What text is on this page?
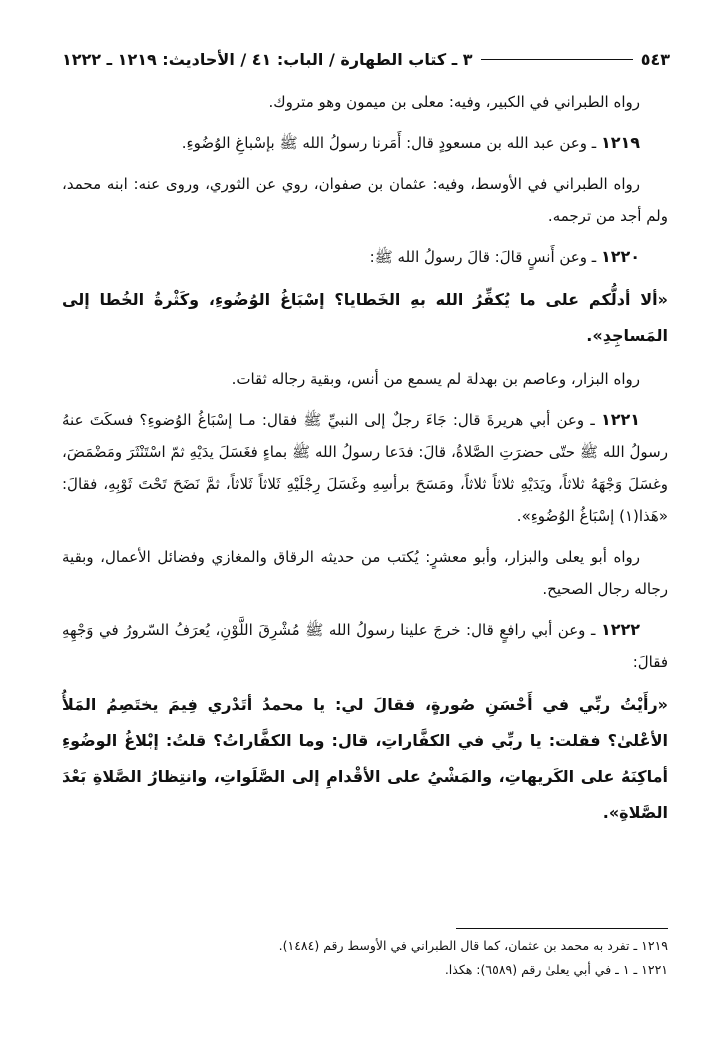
٥٤٣
٣ ـ كتاب الطهارة / الباب: ٤١ / الأحاديث: ١٢١٩ ـ ١٢٢٢

رواه الطبراني في الكبير، وفيه: معلى بن ميمون وهو متروك.

١٢١٩ ـ وعن عبد الله بن مسعودٍ قال: أَمَرنا رسولُ الله ﷺ بإسْباغِ الوُضُوءِ.

رواه الطبراني في الأوسط، وفيه: عثمان بن صفوان، روي عن الثوري، وروى عنه: ابنه محمد، ولم أجد من ترجمه.

١٢٢٠ ـ وعن أَنسٍ قالَ: قالَ رسولُ الله ﷺ:

«ألا أدلُّكم على ما يُكفِّرُ الله بهِ الخَطايا؟ إسْبَاغُ الوُضُوءِ، وكَثْرةُ الخُطا إلى المَساجِدِ».

رواه البزار، وعاصم بن بهدلة لم يسمع من أنس، وبقية رجاله ثقات.

١٢٢١ ـ وعن أبي هريرةَ قال: جَاءَ رجلٌ إلى النبيِّ ﷺ فقال: مـا إسْبَاغُ الوُضوءِ؟ فسكَتَ عنهُ رسولُ الله ﷺ حتّى حضرَتِ الصَّلاةُ، قالَ: فدَعا رسولُ الله ﷺ بماءٍ فغَسَلَ يدَيْهِ ثمّ اسْتَنْثَرَ ومَضْمَضَ، وغسَلَ وَجْهَهُ ثلاثاً، ويَدَيْهِ ثلاثاً ثلاثاً، ومَسَحَ برأسِهِ وغَسَلَ رِجْلَيْهِ ثَلاثاً ثَلاثاً، ثمَّ نَضَحَ تَحْتَ ثَوْبِهِ، فقالَ: «هَذا(١) إسْبَاغُ الوُضُوءِ».

رواه أبو يعلى والبزار، وأبو معشرٍ: يُكتب من حديثه الرقاق والمغازي وفضائل الأعمال، وبقية رجاله رجال الصحيح.

١٢٢٢ ـ وعن أبي رافعٍ قال: خرجَ علينا رسولُ الله ﷺ مُشْرِقَ اللَّوْنِ، يُعرَفُ السّرورُ في وَجْهِهِ فقالَ:

«رأَيْتُ ربِّي في أَحْسَنِ صُورةٍ، فقالَ لي: يا محمدُ أتَدْري فِيمَ يختَصِمُ المَلأُ الأعْلىٰ؟ فقلت: يا ربِّي في الكفَّاراتِ، قال: وما الكفَّاراتُ؟ قلتُ: إبْلاغُ الوضُوءِ أماكِنَهُ على الكَريهاتِ، والمَشْيُ على الأقْدامِ إلى الصَّلَواتِ، وانتِظارُ الصَّلاةِ بَعْدَ الصَّلاةِ».

١٢١٩ ـ تفرد به محمد بن عثمان، كما قال الطبراني في الأوسط رقم (١٤٨٤).
١٢٢١ ـ ١ ـ في أبي يعلىٰ رقم (٦٥٨٩): هكذا.
